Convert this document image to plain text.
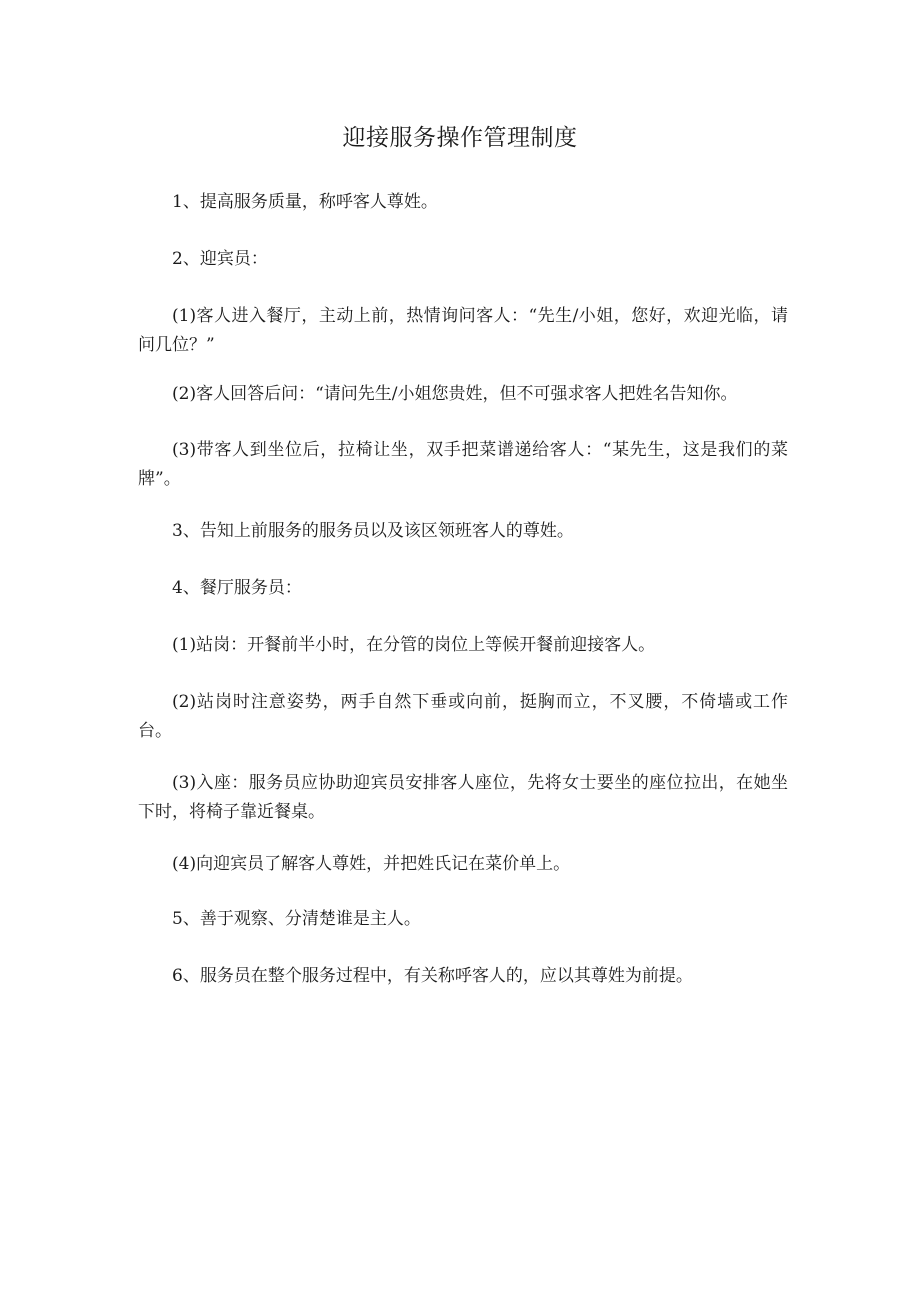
迎接服务操作管理制度

1、提高服务质量，称呼客人尊姓。

2、迎宾员：

(1)客人进入餐厅，主动上前，热情询问客人：“先生/小姐，您好，欢迎光临，请问几位？”

(2)客人回答后问：“请问先生/小姐您贵姓，但不可强求客人把姓名告知你。

(3)带客人到坐位后，拉椅让坐，双手把菜谱递给客人：“某先生，这是我们的菜牌”。

3、告知上前服务的服务员以及该区领班客人的尊姓。

4、餐厅服务员：

(1)站岗：开餐前半小时，在分管的岗位上等候开餐前迎接客人。

(2)站岗时注意姿势，两手自然下垂或向前，挺胸而立，不叉腰，不倚墙或工作台。

(3)入座：服务员应协助迎宾员安排客人座位，先将女士要坐的座位拉出，在她坐下时，将椅子靠近餐桌。

(4)向迎宾员了解客人尊姓，并把姓氏记在菜价单上。

5、善于观察、分清楚谁是主人。

6、服务员在整个服务过程中，有关称呼客人的，应以其尊姓为前提。
